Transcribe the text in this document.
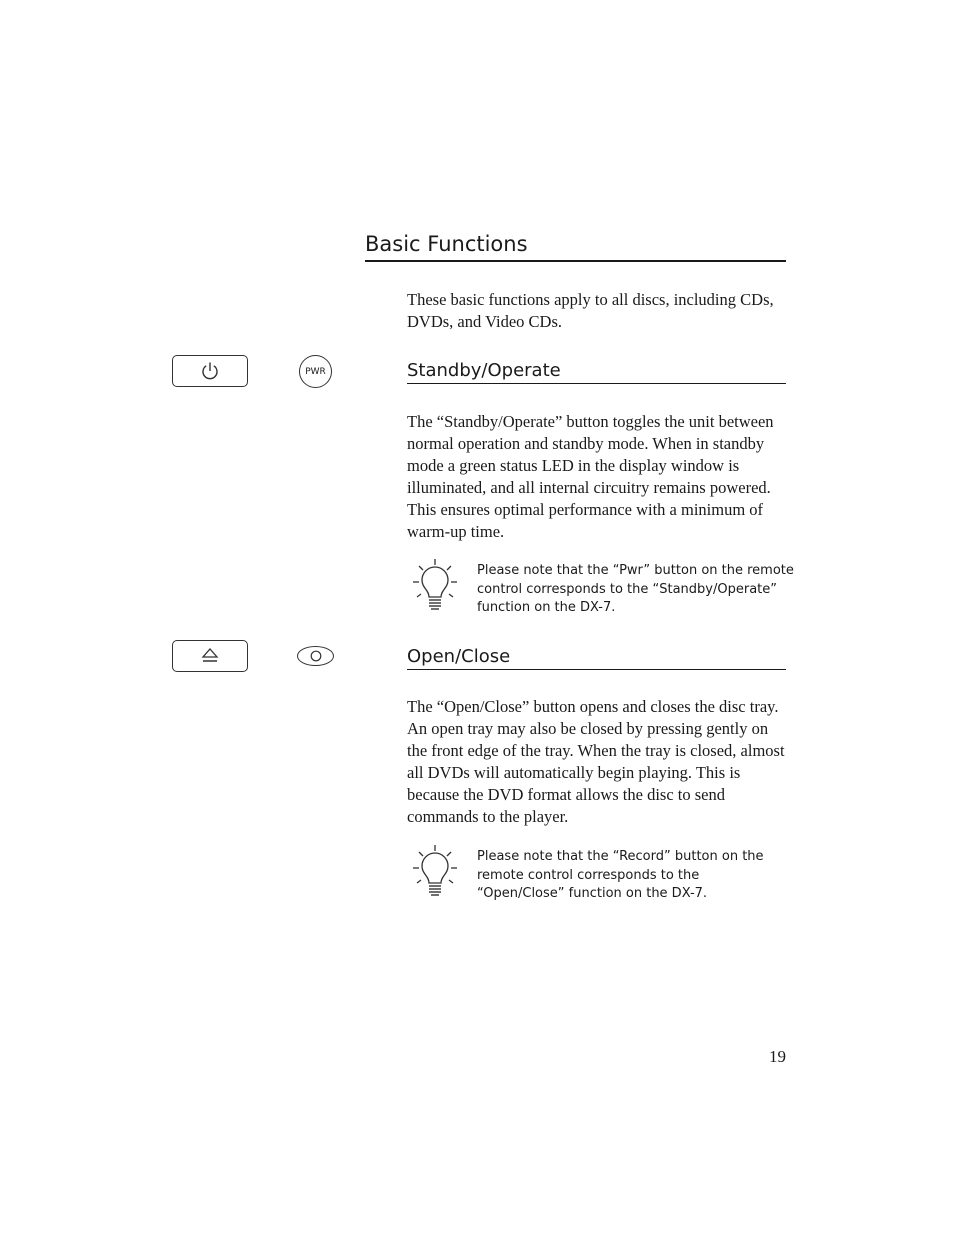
Basic Functions

These basic functions apply to all discs, including CDs, DVDs, and Video CDs.

PWR	Standby/Operate

The “Standby/Operate” button toggles the unit between normal operation and standby mode. When in standby mode a green status LED in the display window is illuminated, and all internal circuitry remains powered. This ensures optimal performance with a minimum of warm-up time.

Please note that the “Pwr” button on the remote control corresponds to the “Standby/Operate” function on the DX-7.

Open/Close

The “Open/Close” button opens and closes the disc tray. An open tray may also be closed by pressing gently on the front edge of the tray. When the tray is closed, almost all DVDs will automatically begin playing. This is because the DVD format allows the disc to send commands to the player.

Please note that the “Record” button on the remote control corresponds to the “Open/Close” function on the DX-7.

19
